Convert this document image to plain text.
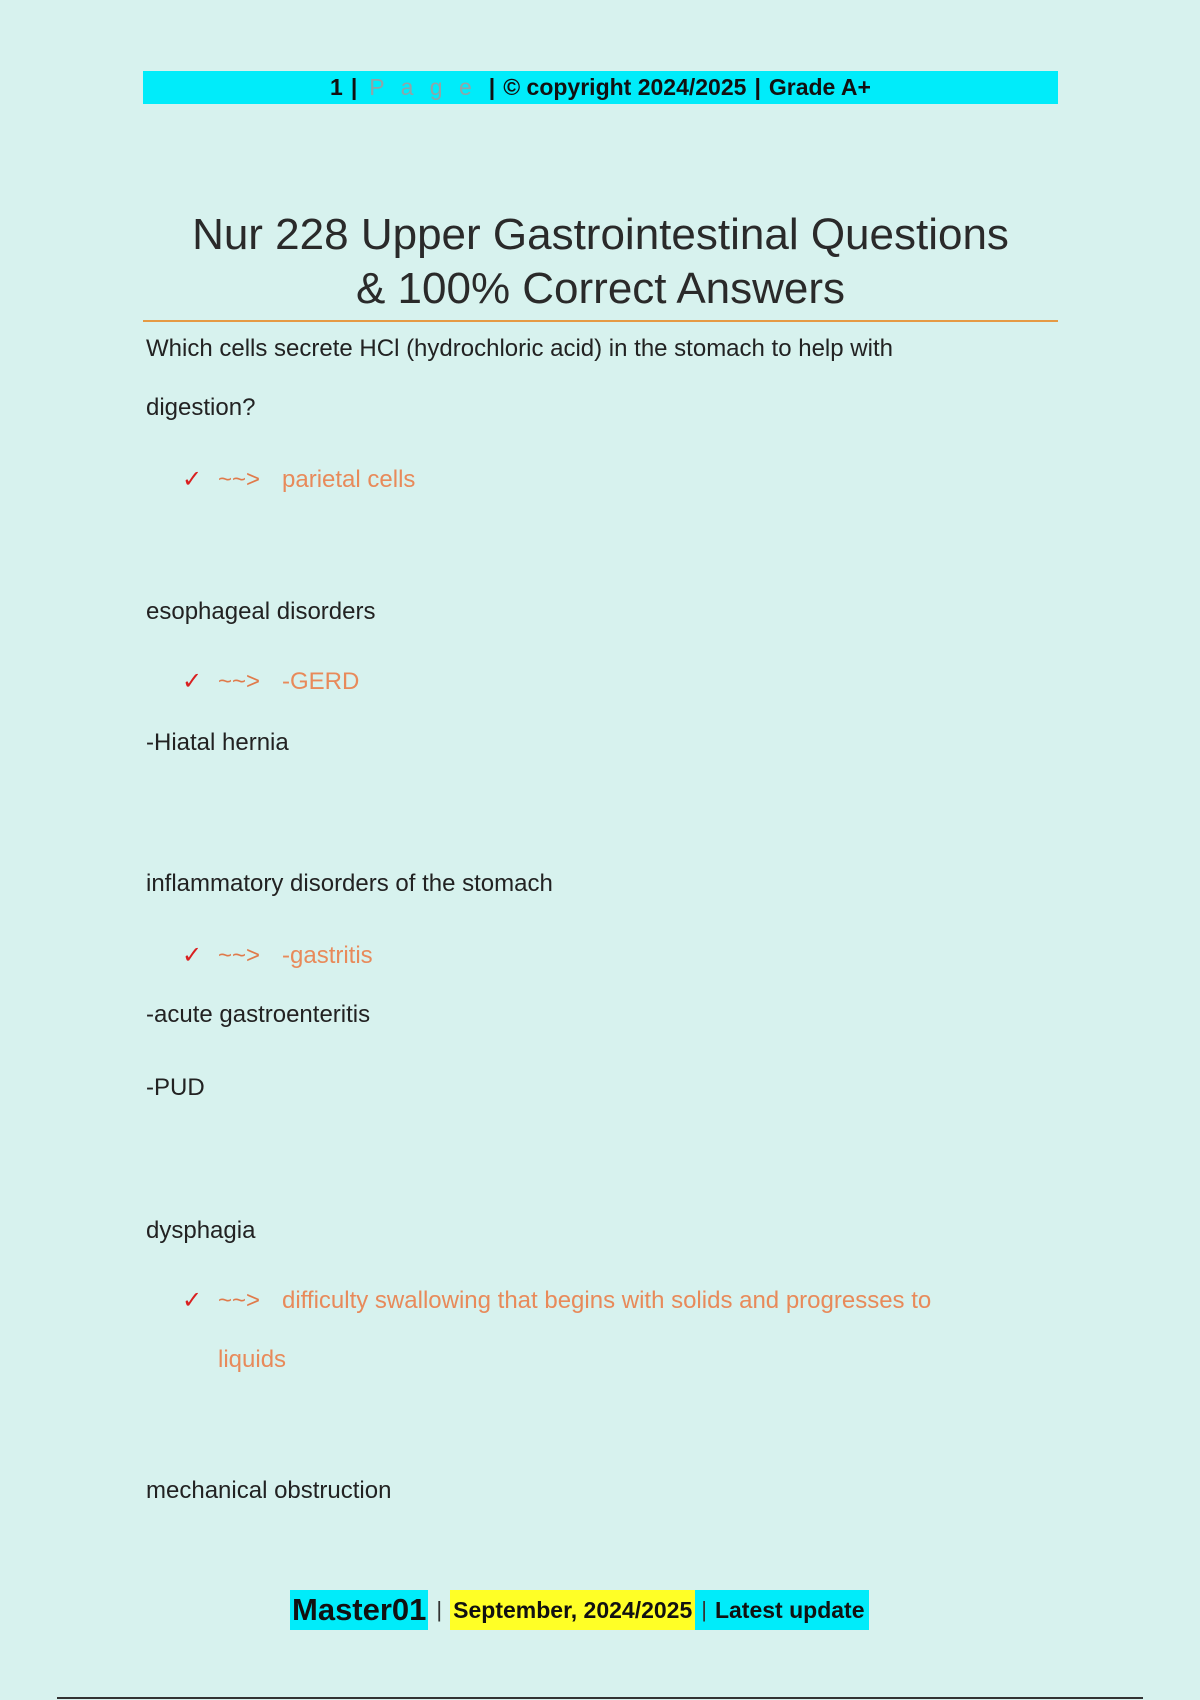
1 | P a g e | © copyright 2024/2025 | Grade A+
Nur 228 Upper Gastrointestinal Questions
& 100% Correct Answers
Which cells secrete HCl (hydrochloric acid) in the stomach to help with
digestion?
✓ ~~> parietal cells
esophageal disorders
✓ ~~> -GERD
-Hiatal hernia
inflammatory disorders of the stomach
✓ ~~> -gastritis
-acute gastroenteritis
-PUD
dysphagia
✓ ~~> difficulty swallowing that begins with solids and progresses to
liquids
mechanical obstruction
Master01 | September, 2024/2025 | Latest update
